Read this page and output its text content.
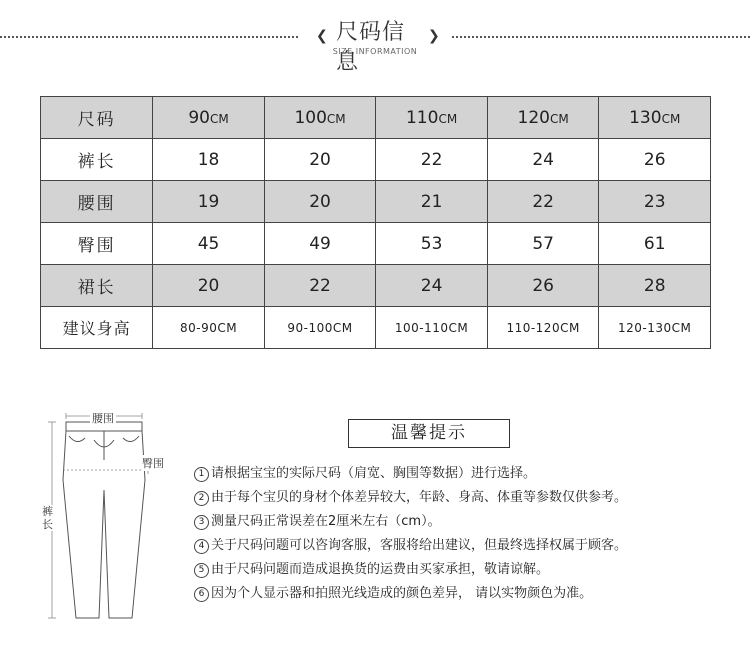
❮ 尺码信息
❯
SIZE INFORMATION
尺码	90CM	100CM	110CM	120CM	130CM
裤长	18	20	22	24	26
腰围	19	20	21	22	23
臀围	45	49	53	57	61
裙长	20	22	24	26	28
建议身高	80-90CM	90-100CM	100-110CM	110-120CM	120-130CM
腰围
臀围
裤长
温馨提示
1 请根据宝宝的实际尺码（肩宽、胸围等数据）进行选择。
2 由于每个宝贝的身材个体差异较大，年龄、身高、体重等参数仅供参考。
3 测量尺码正常误差在2厘米左右（cm）。
4 关于尺码问题可以咨询客服，客服将给出建议，但最终选择权属于顾客。
5 由于尺码问题而造成退换货的运费由买家承担，敬请谅解。
6 因为个人显示器和拍照光线造成的颜色差异， 请以实物颜色为准。
